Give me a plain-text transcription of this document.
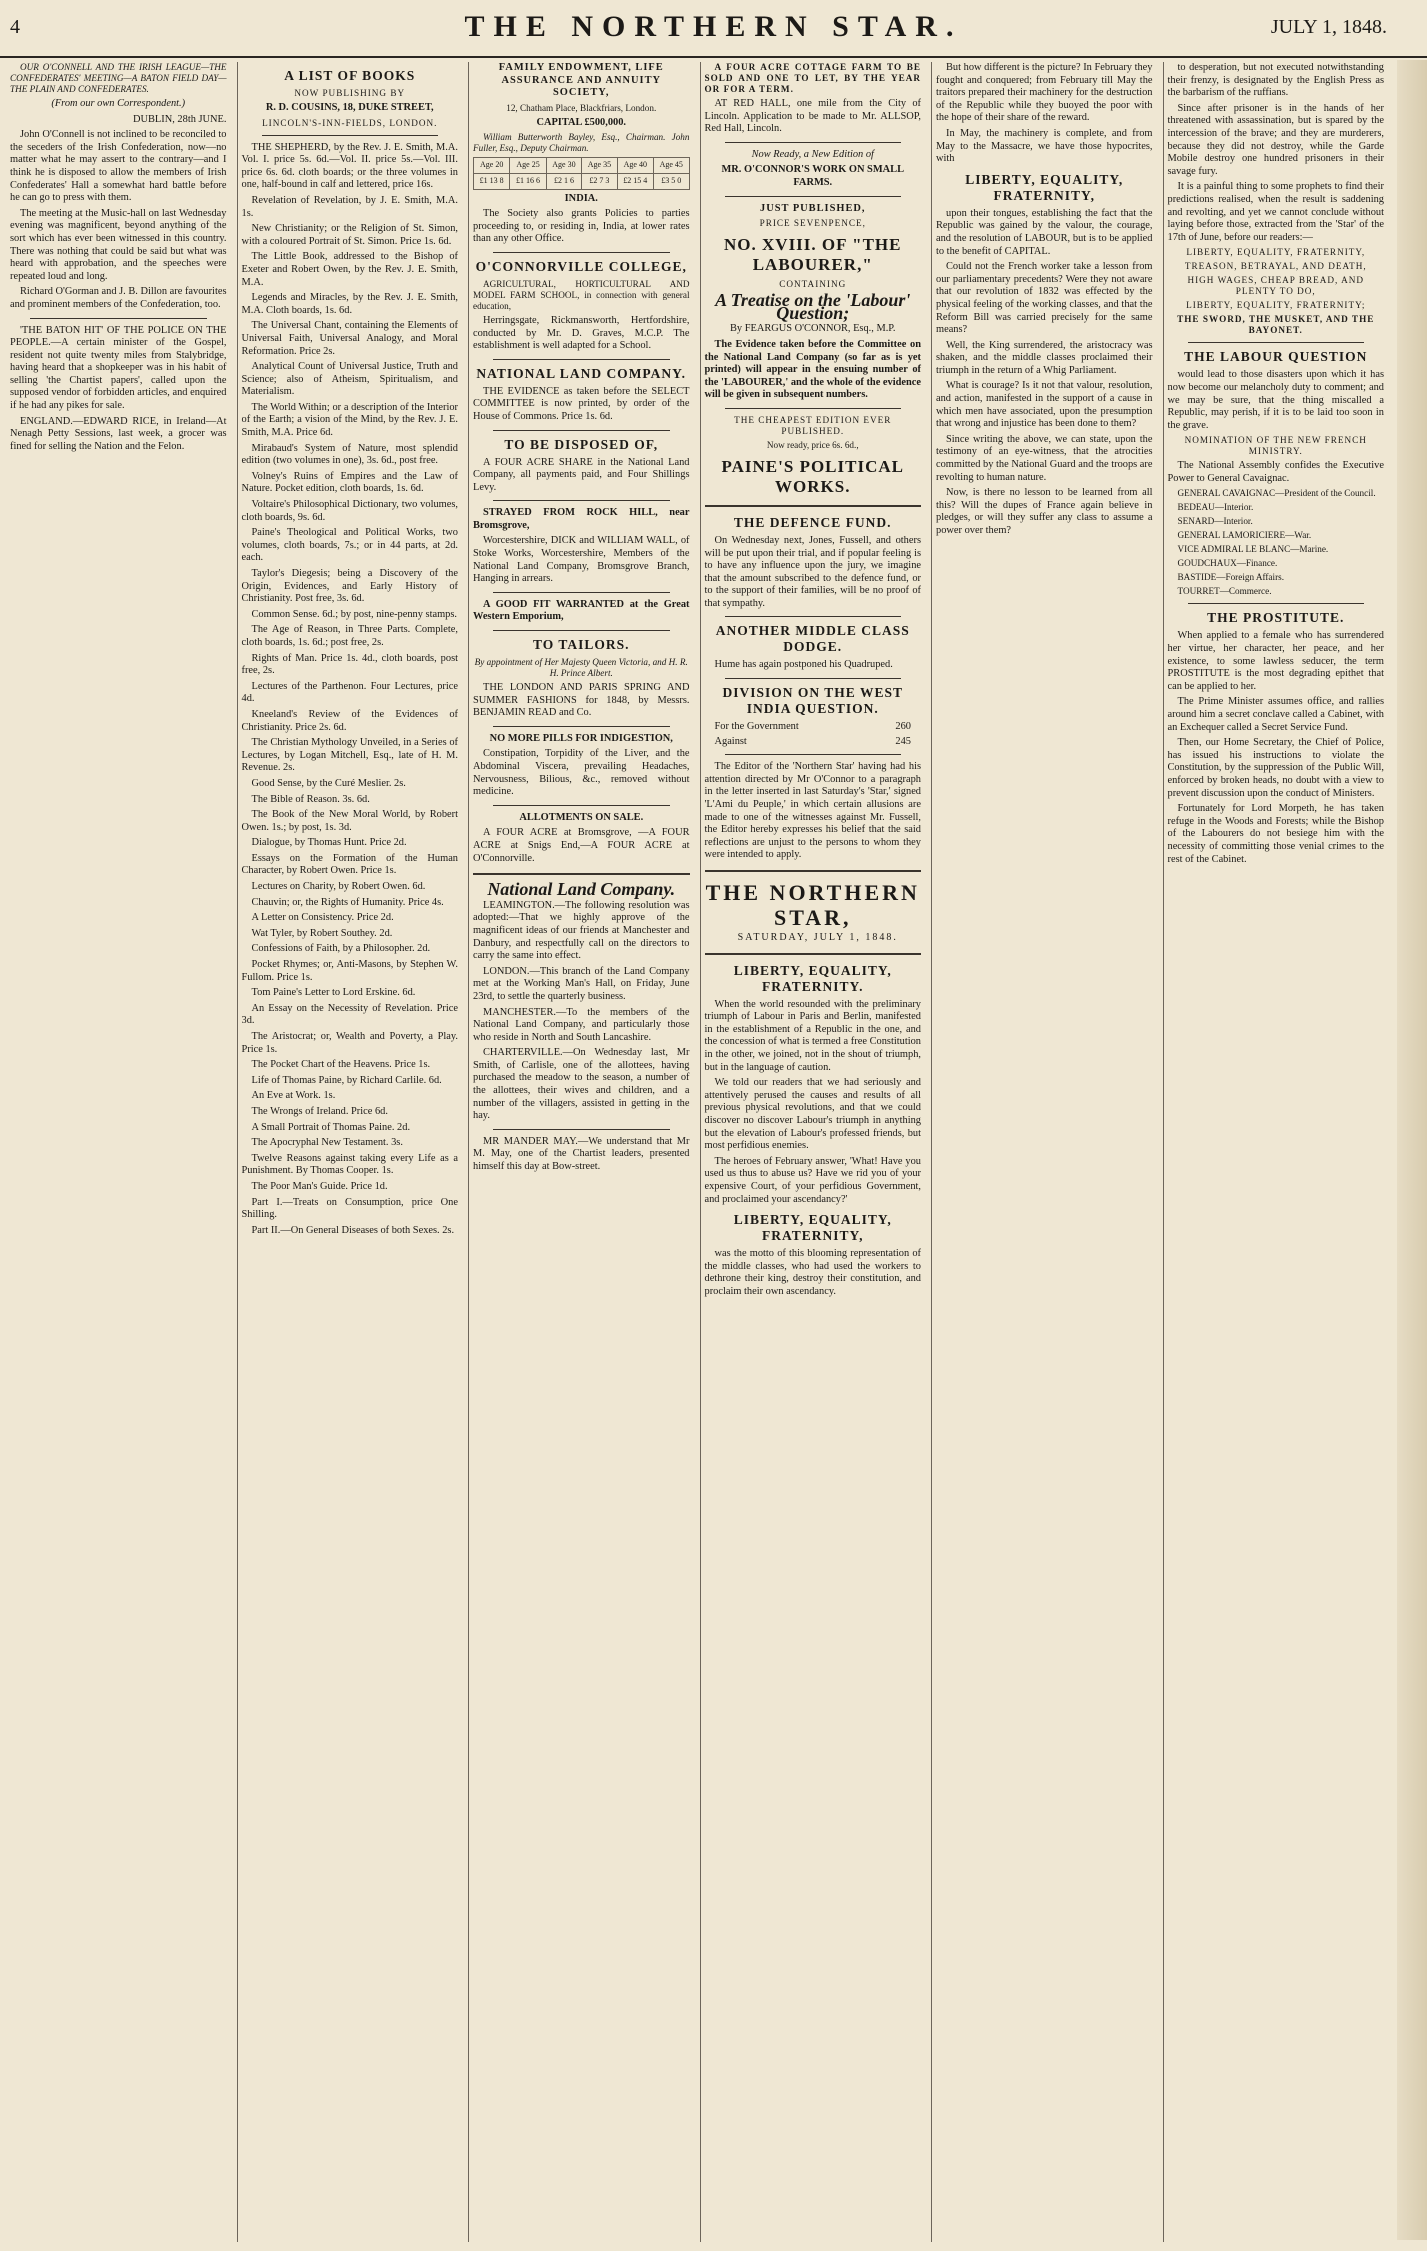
4	THE NORTHERN STAR.	JULY 1, 1848.

OUR O'CONNELL AND THE IRISH LEAGUE—THE CONFEDERATES' MEETING—A BATON FIELD DAY—THE PLAIN AND CONFEDERATES.

(From our own Correspondent.)

DUBLIN, 28th JUNE.

John O'Connell is not inclined to be reconciled to the seceders of the Irish Confederation, now—no matter what he may assert to the contrary—and I think he is disposed to allow the members of Irish Confederates' Hall a somewhat hard battle before he can go to press with them.

The meeting at the Music-hall on last Wednesday evening was magnificent, beyond anything of the sort which has ever been witnessed in this country. There was nothing that could be said but what was heard with approbation, and the speeches were repeated loud and long.

Richard O'Gorman and J. B. Dillon are favourites and prominent members of the Confederation, too.

'THE BATON HIT' OF THE POLICE ON THE PEOPLE.—A certain minister of the Gospel, resident not quite twenty miles from Stalybridge, having heard that a shopkeeper was in his habit of selling 'the Chartist papers', called upon the supposed vendor of forbidden articles, and enquired if he had any pikes for sale.

ENGLAND.—EDWARD RICE, in Ireland—At Nenagh Petty Sessions, last week, a grocer was fined for selling the Nation and the Felon.

A LIST OF BOOKS

NOW PUBLISHING BY

R. D. COUSINS, 18, DUKE STREET,

LINCOLN'S-INN-FIELDS, LONDON.

THE SHEPHERD, by the Rev. J. E. Smith, M.A. Vol. I. price 5s. 6d.—Vol. II. price 5s.—Vol. III. price 6s. 6d. cloth boards; or the three volumes in one, half-bound in calf and lettered, price 16s.

Revelation of Revelation, by J. E. Smith, M.A. 1s.

New Christianity; or the Religion of St. Simon, with a coloured Portrait of St. Simon. Price 1s. 6d.

The Little Book, addressed to the Bishop of Exeter and Robert Owen, by the Rev. J. E. Smith, M.A.

Legends and Miracles, by the Rev. J. E. Smith, M.A. Cloth boards, 1s. 6d.

The Universal Chant, containing the Elements of Universal Faith, Universal Analogy, and Moral Reformation. Price 2s.

Analytical Count of Universal Justice, Truth and Science; also of Atheism, Spiritualism, and Materialism.

The World Within; or a description of the Interior of the Earth; a vision of the Mind, by the Rev. J. E. Smith, M.A. Price 6d.

Mirabaud's System of Nature, most splendid edition (two volumes in one), 3s. 6d., post free.

Volney's Ruins of Empires and the Law of Nature. Pocket edition, cloth boards, 1s. 6d.

Voltaire's Philosophical Dictionary, two volumes, cloth boards, 9s. 6d.

Paine's Theological and Political Works, two volumes, cloth boards, 7s.; or in 44 parts, at 2d. each.

Taylor's Diegesis; being a Discovery of the Origin, Evidences, and Early History of Christianity. Post free, 3s. 6d.

Common Sense. 6d.; by post, nine-penny stamps.

The Age of Reason, in Three Parts. Complete, cloth boards, 1s. 6d.; post free, 2s.

Rights of Man. Price 1s. 4d., cloth boards, post free, 2s.

Lectures of the Parthenon. Four Lectures, price 4d.

Kneeland's Review of the Evidences of Christianity. Price 2s. 6d.

The Christian Mythology Unveiled, in a Series of Lectures, by Logan Mitchell, Esq., late of H. M. Revenue. 2s.

Good Sense, by the Curé Meslier. 2s.

The Bible of Reason. 3s. 6d.

The Book of the New Moral World, by Robert Owen. 1s.; by post, 1s. 3d.

Dialogue, by Thomas Hunt. Price 2d.

Essays on the Formation of the Human Character, by Robert Owen. Price 1s.

Lectures on Charity, by Robert Owen. 6d.

Chauvin; or, the Rights of Humanity. Price 4s.

A Letter on Consistency. Price 2d.

Wat Tyler, by Robert Southey. 2d.

Confessions of Faith, by a Philosopher. 2d.

Pocket Rhymes; or, Anti-Masons, by Stephen W. Fullom. Price 1s.

Tom Paine's Letter to Lord Erskine. 6d.

An Essay on the Necessity of Revelation. Price 3d.

The Aristocrat; or, Wealth and Poverty, a Play. Price 1s.

The Pocket Chart of the Heavens. Price 1s.

Life of Thomas Paine, by Richard Carlile. 6d.

An Eve at Work. 1s.

The Wrongs of Ireland. Price 6d.

A Small Portrait of Thomas Paine. 2d.

The Apocryphal New Testament. 3s.

Twelve Reasons against taking every Life as a Punishment. By Thomas Cooper. 1s.

The Poor Man's Guide. Price 1d.

Part I.—Treats on Consumption, price One Shilling.

Part II.—On General Diseases of both Sexes. 2s.

FAMILY ENDOWMENT, LIFE ASSURANCE AND ANNUITY SOCIETY,

12, Chatham Place, Blackfriars, London.

CAPITAL £500,000.

William Butterworth Bayley, Esq., Chairman. John Fuller, Esq., Deputy Chairman.

Age 20	Age 25	Age 30	Age 35	Age 40	Age 45
£1 13 8	£1 16 6	£2 1 6	£2 7 3	£2 15 4	£3 5 0

INDIA.

The Society also grants Policies to parties proceeding to, or residing in, India, at lower rates than any other Office.

O'CONNORVILLE COLLEGE,

AGRICULTURAL, HORTICULTURAL AND MODEL FARM SCHOOL, in connection with general education,

Herringsgate, Rickmansworth, Hertfordshire, conducted by Mr. D. Graves, M.C.P. The establishment is well adapted for a School.

NATIONAL LAND COMPANY.

THE EVIDENCE as taken before the SELECT COMMITTEE is now printed, by order of the House of Commons. Price 1s. 6d.

TO BE DISPOSED OF,

A FOUR ACRE SHARE in the National Land Company, all payments paid, and Four Shillings Levy.

STRAYED FROM ROCK HILL, near Bromsgrove,

Worcestershire, DICK and WILLIAM WALL, of Stoke Works, Worcestershire, Members of the National Land Company, Bromsgrove Branch, Hanging in arrears.

A GOOD FIT WARRANTED at the Great Western Emporium,

TO TAILORS.

By appointment of Her Majesty Queen Victoria, and H. R. H. Prince Albert.

THE LONDON AND PARIS SPRING AND SUMMER FASHIONS for 1848, by Messrs. BENJAMIN READ and Co.

NO MORE PILLS FOR INDIGESTION,

Constipation, Torpidity of the Liver, and the Abdominal Viscera, prevailing Headaches, Nervousness, Bilious, &c., removed without medicine.

ALLOTMENTS ON SALE.

A FOUR ACRE at Bromsgrove, —A FOUR ACRE at Snigs End,—A FOUR ACRE at O'Connorville.

National Land Company.

LEAMINGTON.—The following resolution was adopted:—That we highly approve of the magnificent ideas of our friends at Manchester and Danbury, and respectfully call on the directors to carry the same into effect.

LONDON.—This branch of the Land Company met at the Working Man's Hall, on Friday, June 23rd, to settle the quarterly business.

MANCHESTER.—To the members of the National Land Company, and particularly those who reside in North and South Lancashire.

CHARTERVILLE.—On Wednesday last, Mr Smith, of Carlisle, one of the allottees, having purchased the meadow to the season, a number of the allottees, their wives and children, and a number of the villagers, assisted in getting in the hay.

MR MANDER MAY.—We understand that Mr M. May, one of the Chartist leaders, presented himself this day at Bow-street.

A FOUR ACRE COTTAGE FARM TO BE SOLD AND ONE TO LET, BY THE YEAR OR FOR A TERM.

AT RED HALL, one mile from the City of Lincoln. Application to be made to Mr. ALLSOP, Red Hall, Lincoln.

Now Ready, a New Edition of

MR. O'CONNOR'S WORK ON SMALL FARMS.

JUST PUBLISHED,

PRICE SEVENPENCE,

NO. XVIII. OF "THE LABOURER,"

CONTAINING

A Treatise on the 'Labour' Question;

By FEARGUS O'CONNOR, Esq., M.P.

The Evidence taken before the Committee on the National Land Company (so far as is yet printed) will appear in the ensuing number of the 'LABOURER,' and the whole of the evidence will be given in subsequent numbers.

THE CHEAPEST EDITION EVER PUBLISHED.

Now ready, price 6s. 6d.,

PAINE'S POLITICAL WORKS.
THE DEFENCE FUND.

On Wednesday next, Jones, Fussell, and others will be put upon their trial, and if popular feeling is to have any influence upon the jury, we imagine that the amount subscribed to the defence fund, or to the support of their families, will be no proof of that sympathy.

ANOTHER MIDDLE CLASS DODGE.

Hume has again postponed his Quadruped.

DIVISION ON THE WEST INDIA QUESTION.
For the Government	260
Against	245

The Editor of the 'Northern Star' having had his attention directed by Mr O'Connor to a paragraph in the letter inserted in last Saturday's 'Star,' signed 'L'Ami du Peuple,' in which certain allusions are made to one of the witnesses against Mr. Fussell, the Editor hereby expresses his belief that the said reflections are unjust to the persons to whom they were intended to apply.

THE NORTHERN STAR,

SATURDAY, JULY 1, 1848.

LIBERTY, EQUALITY, FRATERNITY.

When the world resounded with the preliminary triumph of Labour in Paris and Berlin, manifested in the establishment of a Republic in the one, and the concession of what is termed a free Constitution in the other, we joined, not in the shout of triumph, but in the language of caution.

We told our readers that we had seriously and attentively perused the causes and results of all previous physical revolutions, and that we could discover no discover Labour's triumph in anything but the elevation of Labour's professed friends, but most perfidious enemies.

The heroes of February answer, 'What! Have you used us thus to abuse us? Have we rid you of your expensive Court, of your perfidious Government, and proclaimed your ascendancy?'

LIBERTY, EQUALITY, FRATERNITY,

was the motto of this blooming representation of the middle classes, who had used the workers to dethrone their king, destroy their constitution, and proclaim their own ascendancy.

But how different is the picture? In February they fought and conquered; from February till May the traitors prepared their machinery for the destruction of the Republic while they buoyed the poor with the hope of their share of the reward.

In May, the machinery is complete, and from May to the Massacre, we have those hypocrites, with

LIBERTY, EQUALITY, FRATERNITY,

upon their tongues, establishing the fact that the Republic was gained by the valour, the courage, and the resolution of LABOUR, but is to be applied to the benefit of CAPITAL.

Could not the French worker take a lesson from our parliamentary precedents? Were they not aware that our revolution of 1832 was effected by the physical feeling of the working classes, and that the Reform Bill was carried precisely for the same means?

Well, the King surrendered, the aristocracy was shaken, and the middle classes proclaimed their triumph in the return of a Whig Parliament.

What is courage? Is it not that valour, resolution, and action, manifested in the support of a cause in which men have associated, upon the presumption that wrong and injustice has been done to them?

Since writing the above, we can state, upon the testimony of an eye-witness, that the atrocities committed by the National Guard and the troops are revolting to human nature.

Now, is there no lesson to be learned from all this? Will the dupes of France again believe in pledges, or will they suffer any class to assume a power over them?

to desperation, but not executed notwithstanding their frenzy, is designated by the English Press as the barbarism of the ruffians.

Since after prisoner is in the hands of her threatened with assassination, but is spared by the intercession of the brave; and they are murderers, because they did not destroy, while the Garde Mobile destroy one hundred prisoners in their savage fury.

It is a painful thing to some prophets to find their predictions realised, when the result is saddening and revolting, and yet we cannot conclude without laying before those, extracted from the 'Star' of the 17th of June, before our readers:—

LIBERTY, EQUALITY, FRATERNITY,

TREASON, BETRAYAL, AND DEATH,

HIGH WAGES, CHEAP BREAD, AND PLENTY TO DO,

LIBERTY, EQUALITY, FRATERNITY;

THE SWORD, THE MUSKET, AND THE BAYONET.

THE LABOUR QUESTION

would lead to those disasters upon which it has now become our melancholy duty to comment; and we may be sure, that the thing miscalled a Republic, may perish, if it is to be laid too soon in the grave.

NOMINATION OF THE NEW FRENCH MINISTRY.

The National Assembly confides the Executive Power to General Cavaignac.

GENERAL CAVAIGNAC—President of the Council.

BEDEAU—Interior.

SENARD—Interior.

GENERAL LAMORICIERE—War.

VICE ADMIRAL LE BLANC—Marine.

GOUDCHAUX—Finance.

BASTIDE—Foreign Affairs.

TOURRET—Commerce.

THE PROSTITUTE.

When applied to a female who has surrendered her virtue, her character, her peace, and her existence, to some lawless seducer, the term PROSTITUTE is the most degrading epithet that can be applied to her.

The Prime Minister assumes office, and rallies around him a secret conclave called a Cabinet, with an Exchequer called a Secret Service Fund.

Then, our Home Secretary, the Chief of Police, has issued his instructions to violate the Constitution, by the suppression of the Public Will, enforced by broken heads, no doubt with a view to prevent discussion upon the conduct of Ministers.

Fortunately for Lord Morpeth, he has taken refuge in the Woods and Forests; while the Bishop of the Labourers do not besiege him with the necessity of committing those venial crimes to the rest of the Cabinet.
